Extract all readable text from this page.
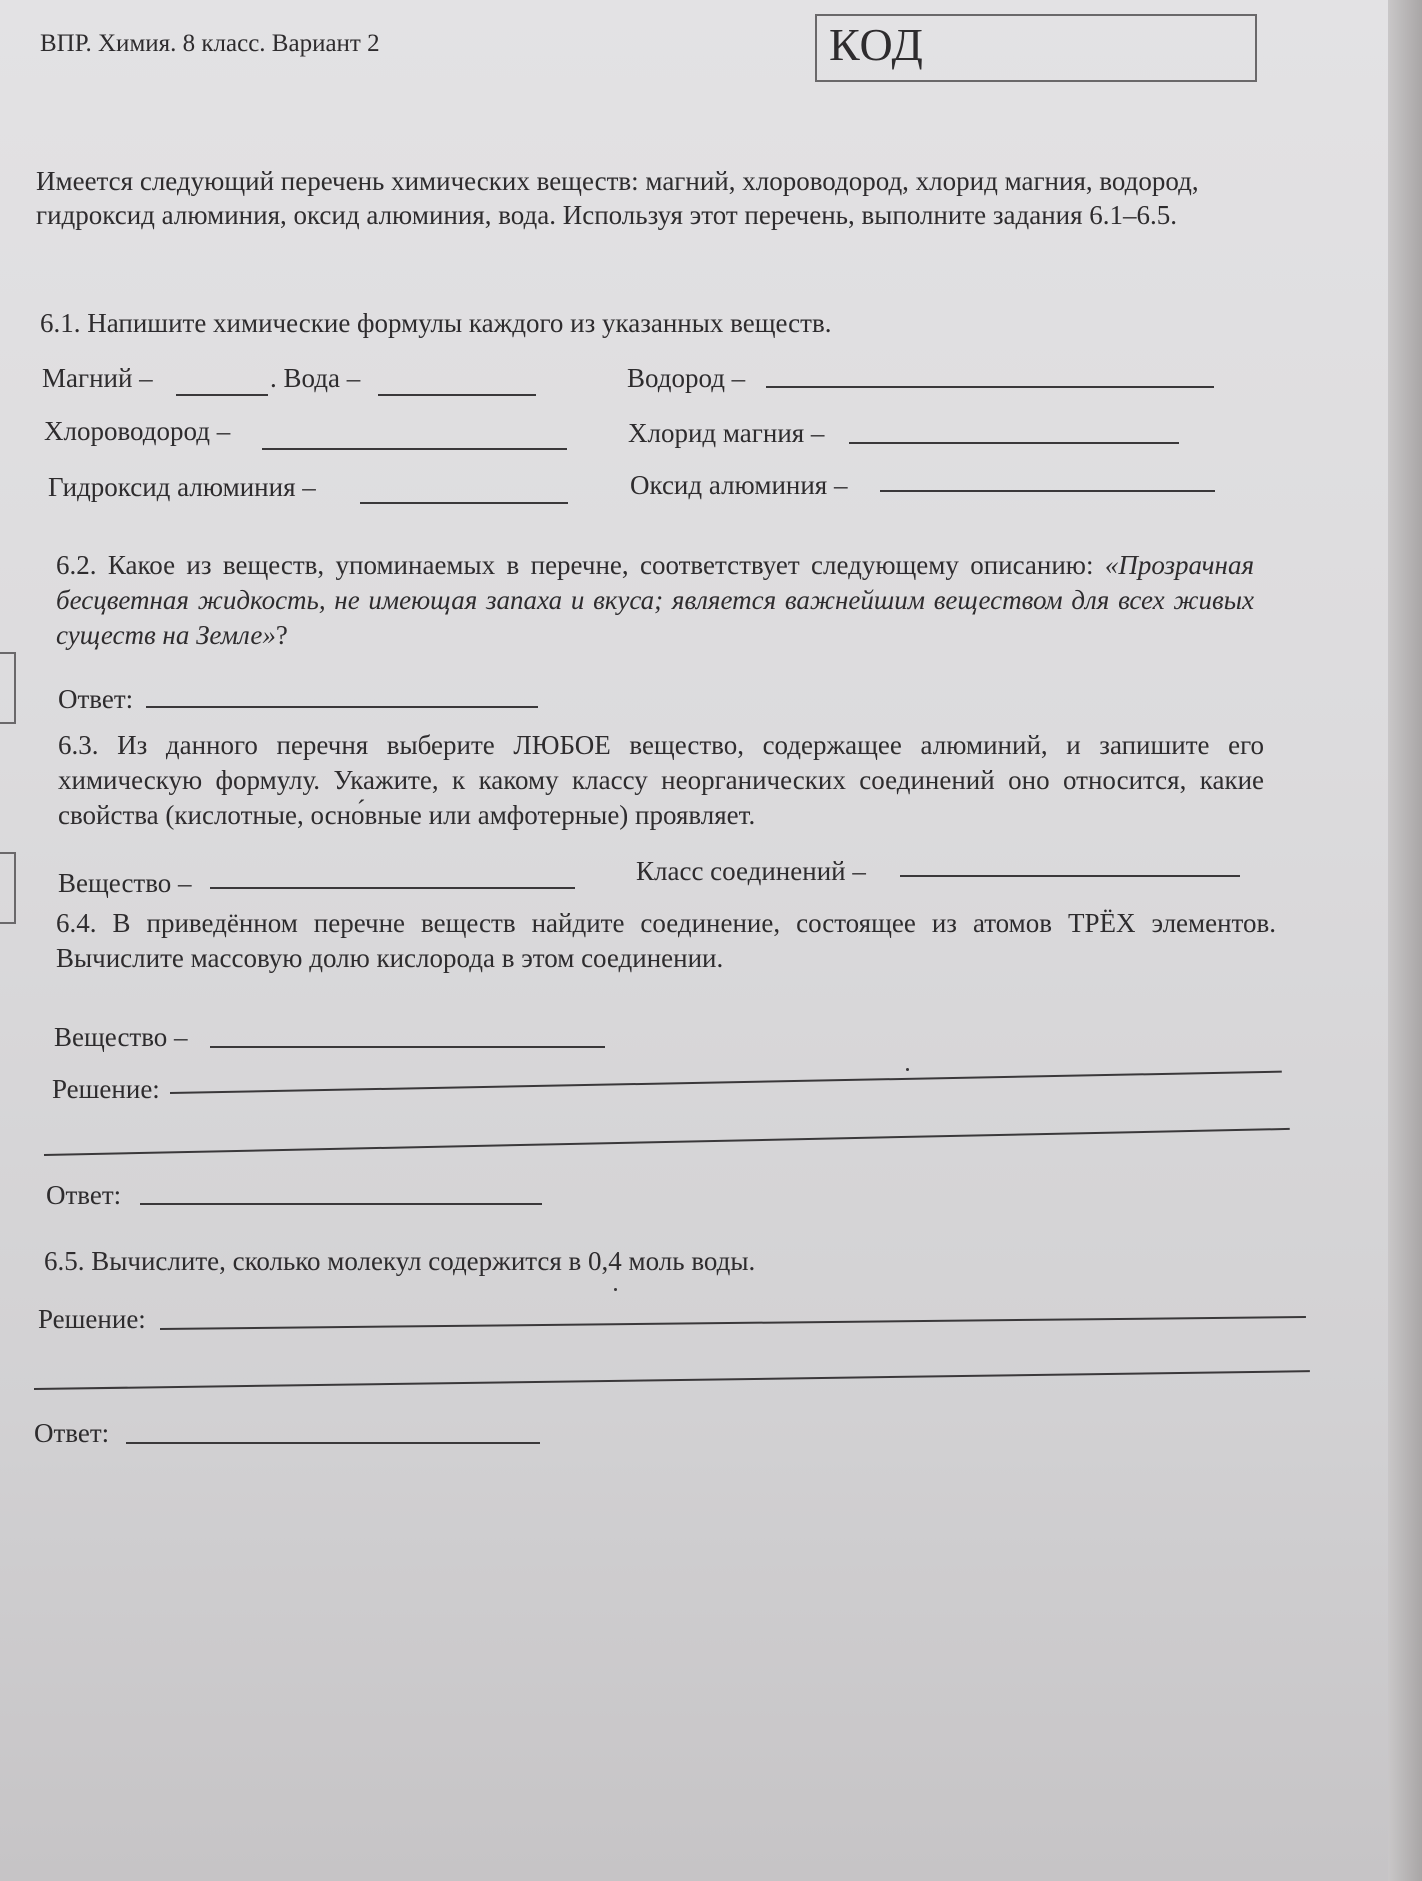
ВПР. Химия. 8 класс. Вариант 2	КОД
Имеется следующий перечень химических веществ: магний, хлороводород, хлорид магния, водород, гидроксид алюминия, оксид алюминия, вода. Используя этот перечень, выполните задания 6.1–6.5.
6.1. Напишите химические формулы каждого из указанных веществ.
Магний –	. Вода –	Водород –
Хлороводород –	Хлорид магния –
Гидроксид алюминия –	Оксид алюминия –
6.2. Какое из веществ, упоминаемых в перечне, соответствует следующему описанию: «Прозрачная бесцветная жидкость, не имеющая запаха и вкуса; является важнейшим веществом для всех живых существ на Земле»?
Ответ:
6.3. Из данного перечня выберите ЛЮБОЕ вещество, содержащее алюминий, и запишите его химическую формулу. Укажите, к какому классу неорганических соединений оно относится, какие свойства (кислотные, осно́вные или амфотерные) проявляет.
Вещество –	Класс соединений –
6.4. В приведённом перечне веществ найдите соединение, состоящее из атомов ТРЁХ элементов. Вычислите массовую долю кислорода в этом соединении.
Вещество –
Решение:
Ответ:
6.5. Вычислите, сколько молекул содержится в 0,4 моль воды.
Решение:
Ответ:
